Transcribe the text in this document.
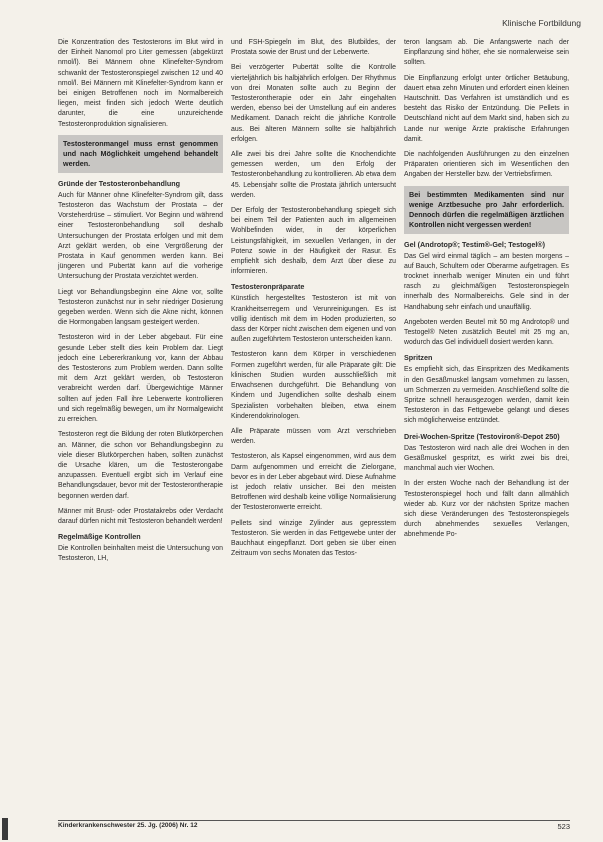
Klinische Fortbildung

Die Konzentration des Testosterons im Blut wird in der Einheit Nanomol pro Liter gemessen (abgekürzt nmol/l). Bei Männern ohne Klinefelter-Syndrom schwankt der Testosteronspiegel zwischen 12 und 40 nmol/l. Bei Männern mit Klinefelter-Syndrom kann er bei einigen Betroffenen noch im Normalbereich liegen, meist finden sich jedoch Werte deutlich darunter, die eine unzureichende Testosteronproduktion signalisieren.

Testosteronmangel muss ernst genommen und nach Möglichkeit umgehend behandelt werden.

Gründe der Testosteronbehandlung

Auch für Männer ohne Klinefelter-Syndrom gilt, dass Testosteron das Wachstum der Prostata – der Vorsteherdrüse – stimuliert. Vor Beginn und während einer Testosteronbehandlung soll deshalb Untersuchungen der Prostata erfolgen und mit dem Arzt geklärt werden, ob eine Vergrößerung der Prostata in Kauf genommen werden kann. Bei jüngeren und Pubertät kann auf die vorherige Untersuchung der Prostata verzichtet werden.

Liegt vor Behandlungsbeginn eine Akne vor, sollte Testosteron zunächst nur in sehr niedriger Dosierung gegeben werden. Wenn sich die Akne nicht, können die Hormongaben langsam gesteigert werden.

Testosteron wird in der Leber abgebaut. Für eine gesunde Leber stellt dies kein Problem dar. Liegt jedoch eine Lebererkrankung vor, kann der Abbau des Testosterons zum Problem werden. Dann sollte mit dem Arzt geklärt werden, ob Testosteron verabreicht werden darf. Übergewichtige Männer sollten auf jeden Fall ihre Leberwerte kontrollieren und sich regelmäßig bewegen, um ihr Normalgewicht zu erreichen.

Testosteron regt die Bildung der roten Blutkörperchen an. Männer, die schon vor Behandlungsbeginn zu viele dieser Blutkörperchen haben, sollten zunächst die Ursache klären, um die Testosterongabe anzupassen. Eventuell ergibt sich im Verlauf eine Behandlungsdauer, bevor mit der Testosterontherapie begonnen werden darf.

Männer mit Brust- oder Prostatakrebs oder Verdacht darauf dürfen nicht mit Testosteron behandelt werden!

Regelmäßige Kontrollen

Die Kontrollen beinhalten meist die Untersuchung von Testosteron, LH,

und FSH-Spiegeln im Blut, des Blutbildes, der Prostata sowie der Brust und der Leberwerte.

Bei verzögerter Pubertät sollte die Kontrolle vierteljährlich bis halbjährlich erfolgen. Der Rhythmus von drei Monaten sollte auch zu Beginn der Testosterontherapie oder ein Jahr eingehalten werden, ebenso bei der Umstellung auf ein anderes Medikament. Danach reicht die jährliche Kontrolle aus. Bei älteren Männern sollte sie halbjährlich erfolgen.

Alle zwei bis drei Jahre sollte die Knochendichte gemessen werden, um den Erfolg der Testosteronbehandlung zu kontrollieren. Ab etwa dem 45. Lebensjahr sollte die Prostata jährlich untersucht werden.

Der Erfolg der Testosteronbehandlung spiegelt sich bei einem Teil der Patienten auch im allgemeinen Wohlbefinden wider, in der körperlichen Leistungsfähigkeit, im sexuellen Verlangen, in der Potenz sowie in der Häufigkeit der Rasur. Es empfiehlt sich deshalb, dem Arzt über diese zu informieren.

Testosteronpräparate

Künstlich hergestelltes Testosteron ist mit von Krankheitserregern und Verunreinigungen. Es ist völlig identisch mit dem im Hoden produzierten, so dass der Körper nicht zwischen dem eigenen und von außen zugeführtem Testosteron unterscheiden kann.

Testosteron kann dem Körper in verschiedenen Formen zugeführt werden, für alle Präparate gilt: Die klinischen Studien wurden ausschließlich mit Erwachsenen durchgeführt. Die Behandlung von Kindern und Jugendlichen sollte deshalb einem Spezialisten vorbehalten bleiben, etwa einem Kinderendokrinologen.

Alle Präparate müssen vom Arzt verschrieben werden.

Testosteron, als Kapsel eingenommen, wird aus dem Darm aufgenommen und erreicht die Zielorgane, bevor es in der Leber abgebaut wird. Diese Aufnahme ist jedoch relativ unsicher. Bei den meisten Betroffenen wird deshalb keine völlige Normalisierung der Testosteronwerte erreicht.

Pellets sind winzige Zylinder aus gepresstem Testosteron. Sie werden in das Fettgewebe unter der Bauchhaut eingepflanzt. Dort geben sie über einen Zeitraum von sechs Monaten das Testos-

teron langsam ab. Die Anfangswerte nach der Einpflanzung sind höher, ehe sie normalerweise sein sollten.

Die Einpflanzung erfolgt unter örtlicher Betäubung, dauert etwa zehn Minuten und erfordert einen kleinen Hautschnitt. Das Verfahren ist umständlich und es besteht das Risiko der Entzündung. Die Pellets in Deutschland nicht auf dem Markt sind, haben sich zu Lande nur wenige Ärzte praktische Erfahrungen damit.

Die nachfolgenden Ausführungen zu den einzelnen Präparaten orientieren sich im Wesentlichen den Angaben der Hersteller bzw. der Vertriebsfirmen.

Bei bestimmten Medikamenten sind nur wenige Arztbesuche pro Jahr erforderlich. Dennoch dürfen die regelmäßigen ärztlichen Kontrollen nicht vergessen werden!

Gel (Androtop®; Testim®-Gel; Testogel®)

Das Gel wird einmal täglich – am besten morgens – auf Bauch, Schultern oder Oberarme aufgetragen. Es trocknet innerhalb weniger Minuten ein und führt rasch zu gleichmäßigen Testosteronspiegeln innerhalb des Normalbereichs. Gele sind in der Handhabung sehr einfach und unauffällig.

Angeboten werden Beutel mit 50 mg Androtop® und Testogel® Neten zusätzlich Beutel mit 25 mg an, wodurch das Gel individuell dosiert werden kann.

Spritzen

Es empfiehlt sich, das Einspritzen des Medikaments in den Gesäßmuskel langsam vornehmen zu lassen, um Schmerzen zu vermeiden. Anschließend sollte die Spritze schnell herausgezogen werden, damit kein Testosteron in das Fettgewebe gelangt und dieses sich möglicherweise entzündet.

Drei-Wochen-Spritze (Testoviron®-Depot 250)

Das Testosteron wird nach alle drei Wochen in den Gesäßmuskel gespritzt, es wirkt zwei bis drei, manchmal auch vier Wochen.

In der ersten Woche nach der Behandlung ist der Testosteronspiegel hoch und fällt dann allmählich wieder ab. Kurz vor der nächsten Spritze machen sich diese Veränderungen des Testosteronspiegels durch abnehmendes sexuelles Verlangen, abnehmende Po-

Kinderkrankenschwester 25. Jg. (2006) Nr. 12	523
